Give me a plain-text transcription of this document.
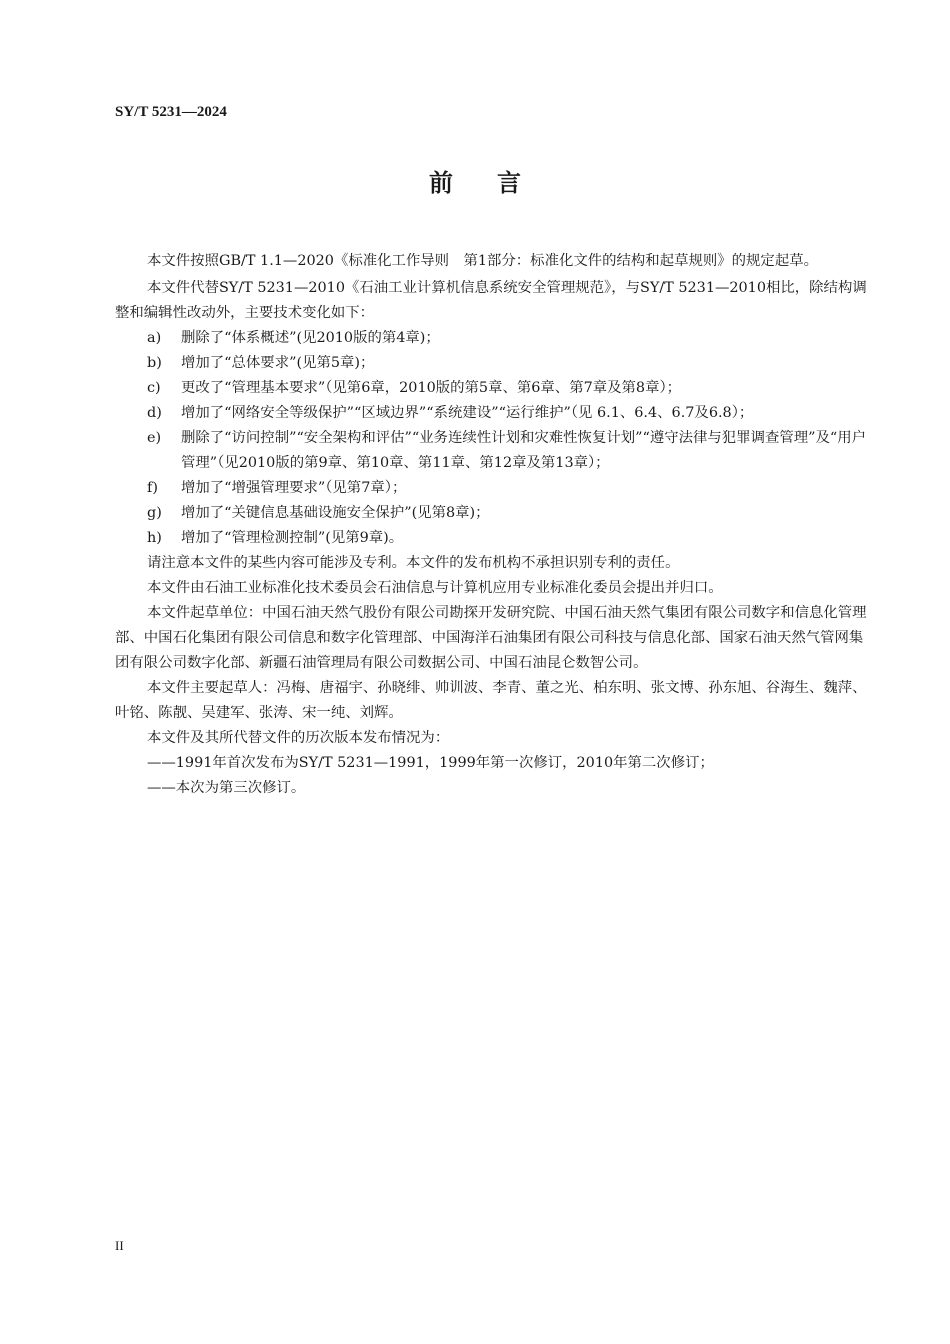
SY/T 5231—2024
前言

本文件按照GB/T 1.1—2020《标准化工作导则　第1部分：标准化文件的结构和起草规则》的规定起草。

本文件代替SY/T 5231—2010《石油工业计算机信息系统安全管理规范》，与SY/T 5231—2010相比，除结构调整和编辑性改动外，主要技术变化如下：

a)	删除了“体系概述”(见2010版的第4章)；
b)	增加了“总体要求”(见第5章)；
c)	更改了“管理基本要求”（见第6章，2010版的第5章、第6章、第7章及第8章）；
d)	增加了“网络安全等级保护”“区域边界”“系统建设”“运行维护”（见 6.1、6.4、6.7及6.8）；
e)	删除了“访问控制”“安全架构和评估”“业务连续性计划和灾难性恢复计划”“遵守法律与犯罪调查管理”及“用户管理”（见2010版的第9章、第10章、第11章、第12章及第13章）；
f)	增加了“增强管理要求”（见第7章）；
g)	增加了“关键信息基础设施安全保护”(见第8章)；
h)	增加了“管理检测控制”(见第9章)。

请注意本文件的某些内容可能涉及专利。本文件的发布机构不承担识别专利的责任。

本文件由石油工业标准化技术委员会石油信息与计算机应用专业标准化委员会提出并归口。

本文件起草单位：中国石油天然气股份有限公司勘探开发研究院、中国石油天然气集团有限公司数字和信息化管理部、中国石化集团有限公司信息和数字化管理部、中国海洋石油集团有限公司科技与信息化部、国家石油天然气管网集团有限公司数字化部、新疆石油管理局有限公司数据公司、中国石油昆仑数智公司。

本文件主要起草人：冯梅、唐福宇、孙晓绯、帅训波、李青、董之光、柏东明、张文博、孙东旭、谷海生、魏萍、叶铭、陈靓、吴建军、张涛、宋一纯、刘辉。

本文件及其所代替文件的历次版本发布情况为：

——1991年首次发布为SY/T 5231—1991，1999年第一次修订，2010年第二次修订；

——本次为第三次修订。

II
